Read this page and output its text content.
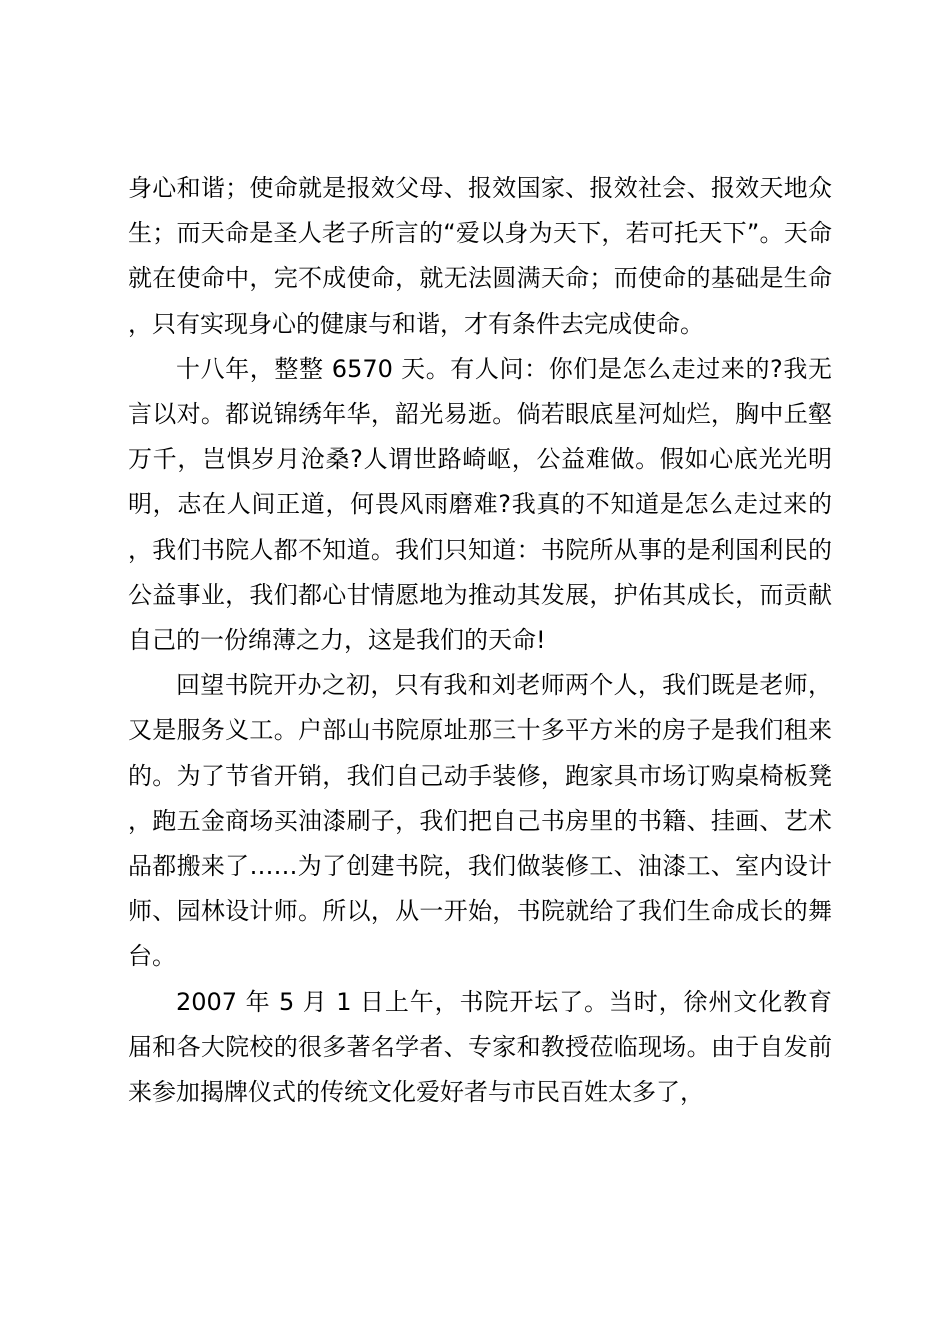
身心和谐；使命就是报效父母、报效国家、报效社会、报效天地众生；而天命是圣人老子所言的“爱以身为天下，若可托天下”。天命就在使命中，完不成使命，就无法圆满天命；而使命的基础是生命，只有实现身心的健康与和谐，才有条件去完成使命。

十八年，整整 6570 天。有人问：你们是怎么走过来的?我无言以对。都说锦绣年华，韶光易逝。倘若眼底星河灿烂，胸中丘壑万千，岂惧岁月沧桑?人谓世路崎岖，公益难做。假如心底光光明明，志在人间正道，何畏风雨磨难?我真的不知道是怎么走过来的，我们书院人都不知道。我们只知道：书院所从事的是利国利民的公益事业，我们都心甘情愿地为推动其发展，护佑其成长，而贡献自己的一份绵薄之力，这是我们的天命!

回望书院开办之初，只有我和刘老师两个人，我们既是老师，又是服务义工。户部山书院原址那三十多平方米的房子是我们租来的。为了节省开销，我们自己动手装修，跑家具市场订购桌椅板凳，跑五金商场买油漆刷子，我们把自己书房里的书籍、挂画、艺术品都搬来了……为了创建书院，我们做装修工、油漆工、室内设计师、园林设计师。所以，从一开始，书院就给了我们生命成长的舞台。

2007 年 5 月 1 日上午，书院开坛了。当时，徐州文化教育届和各大院校的很多著名学者、专家和教授莅临现场。由于自发前来参加揭牌仪式的传统文化爱好者与市民百姓太多了，
